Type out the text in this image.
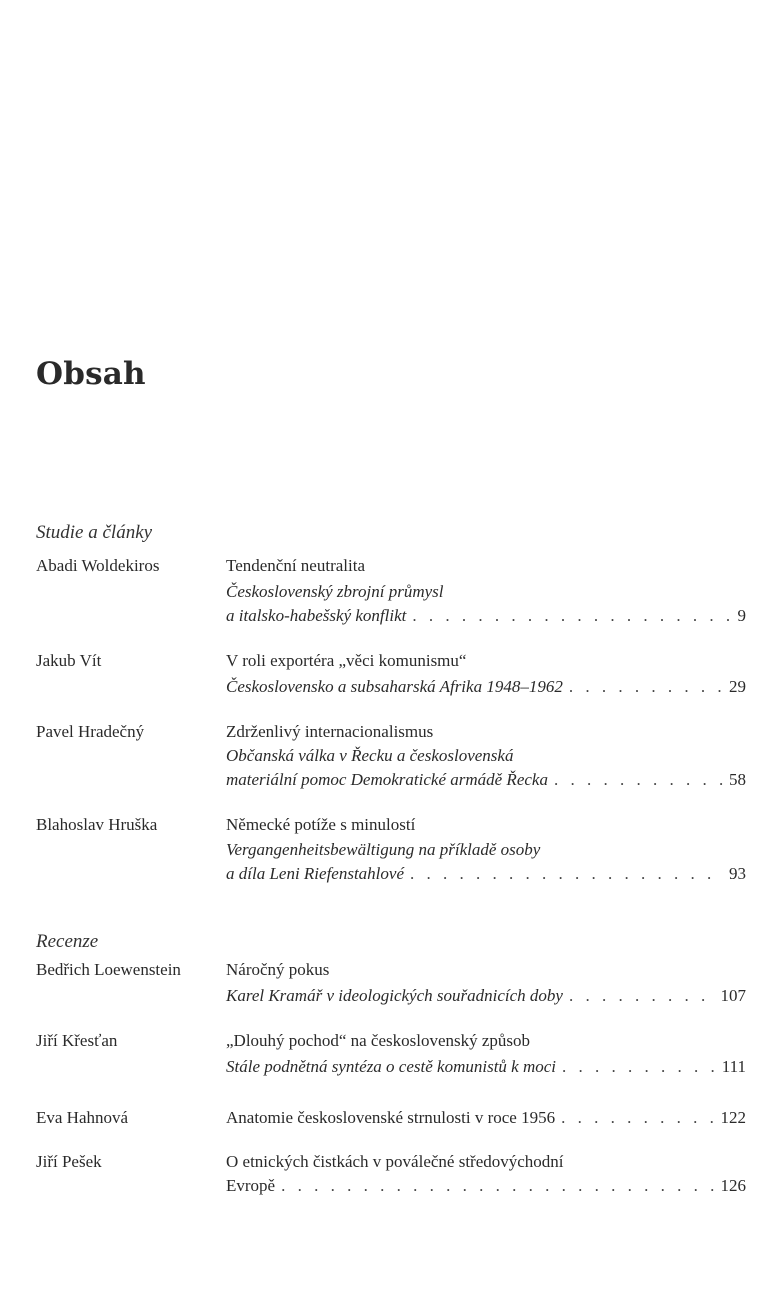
Obsah
Studie a články
Abadi Woldekiros	Tendenční neutralita
Československý zbrojní průmysl
a italsko-habešský konflikt . . .	9
Jakub Vít	V roli exportéra „věci komunismu“
Československo a subsaharská Afrika 1948–1962 . . .	29
Pavel Hradečný	Zdrženlivý internacionalismus
Občanská válka v Řecku a československá
materiální pomoc Demokratické armádě Řecka . . .	58
Blahoslav Hruška	Německé potíže s minulostí
Vergangenheitsbewältigung na příkladě osoby
a díla Leni Riefenstahlové . . .	93
Recenze
Bedřich Loewenstein	Náročný pokus
Karel Kramář v ideologických souřadnicích doby . . .	107
Jiří Křesťan	„Dlouhý pochod“ na československý způsob
Stále podnětná syntéza o cestě komunistů k moci . . .	111
Eva Hahnová	Anatomie československé strnulosti v roce 1956 . . .	122
Jiří Pešek	O etnických čistkách v poválečné středovýchodní
Evropě . . .	126
